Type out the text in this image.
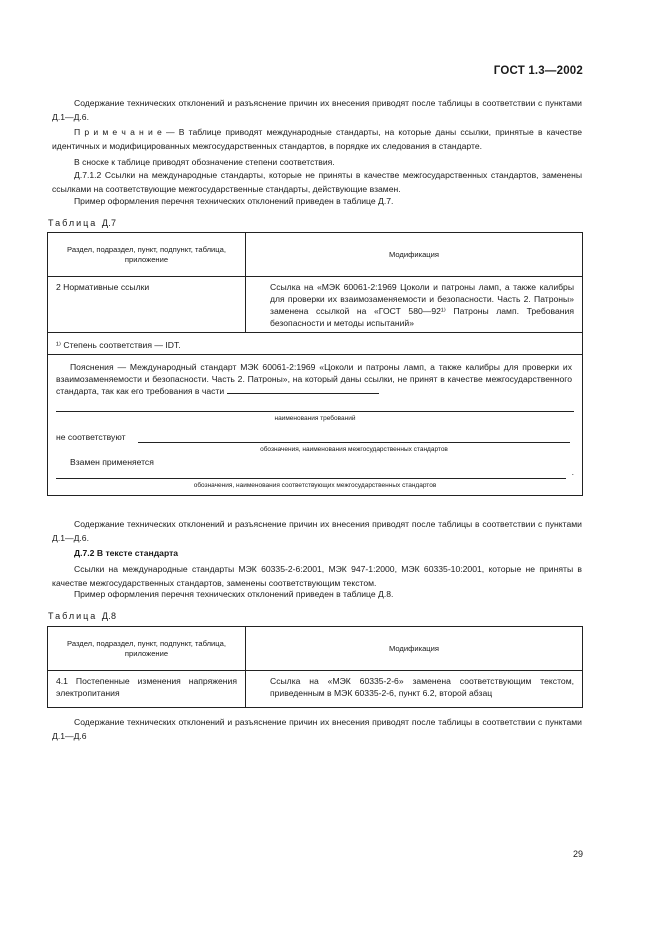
ГОСТ 1.3—2002
Содержание технических отклонений и разъяснение причин их внесения приводят после таблицы в соответствии с пунктами Д.1—Д.6.
П р и м е ч а н и е — В таблице приводят международные стандарты, на которые даны ссылки, принятые в качестве идентичных и модифицированных межгосударственных стандартов, в порядке их следования в стандарте.
В сноске к таблице приводят обозначение степени соответствия.
Д.7.1.2 Ссылки на международные стандарты, которые не приняты в качестве межгосударственных стандартов, заменены ссылками на соответствующие межгосударственные стандарты, действующие взамен.
Пример оформления перечня технических отклонений приведен в таблице Д.7.
Таблица Д.7
Раздел, подраздел, пункт, подпункт, таблица, приложение
Модификация
2 Нормативные ссылки	Ссылка на «МЭК 60061-2:1969 Цоколи и патроны ламп, а также калибры для проверки их взаимозаменяемости и безопасности. Часть 2. Патроны» заменена ссылкой на «ГОСТ 580—92¹⁾ Патроны ламп. Требования безопасности и методы испытаний»
¹⁾ Степень соответствия — IDT.
Пояснения — Международный стандарт МЭК 60061-2:1969 «Цоколи и патроны ламп, а также калибры для проверки их взаимозаменяемости и безопасности. Часть 2. Патроны», на который даны ссылки, не принят в качестве межгосударственного стандарта, так как его требования в части
наименования требований
не соответствуют
обозначения, наименования межгосударственных стандартов
Взамен применяется
.
обозначения, наименования соответствующих межгосударственных стандартов
Содержание технических отклонений и разъяснение причин их внесения приводят после таблицы в соответствии с пунктами Д.1—Д.6.
Д.7.2 В тексте стандарта
Ссылки на международные стандарты МЭК 60335-2-6:2001, МЭК 947-1:2000, МЭК 60335-10:2001, которые не приняты в качестве межгосударственных стандартов, заменены соответствующим текстом.
Пример оформления перечня технических отклонений приведен в таблице Д.8.
Таблица Д.8
Раздел, подраздел, пункт, подпункт, таблица, приложение
Модификация
4.1 Постепенные изменения напряжения электропитания
Ссылка на «МЭК 60335-2-6» заменена соответствующим текстом, приведенным в МЭК 60335-2-6, пункт 6.2, второй абзац
Содержание технических отклонений и разъяснение причин их внесения приводят после таблицы в соответствии с пунктами Д.1—Д.6
29
